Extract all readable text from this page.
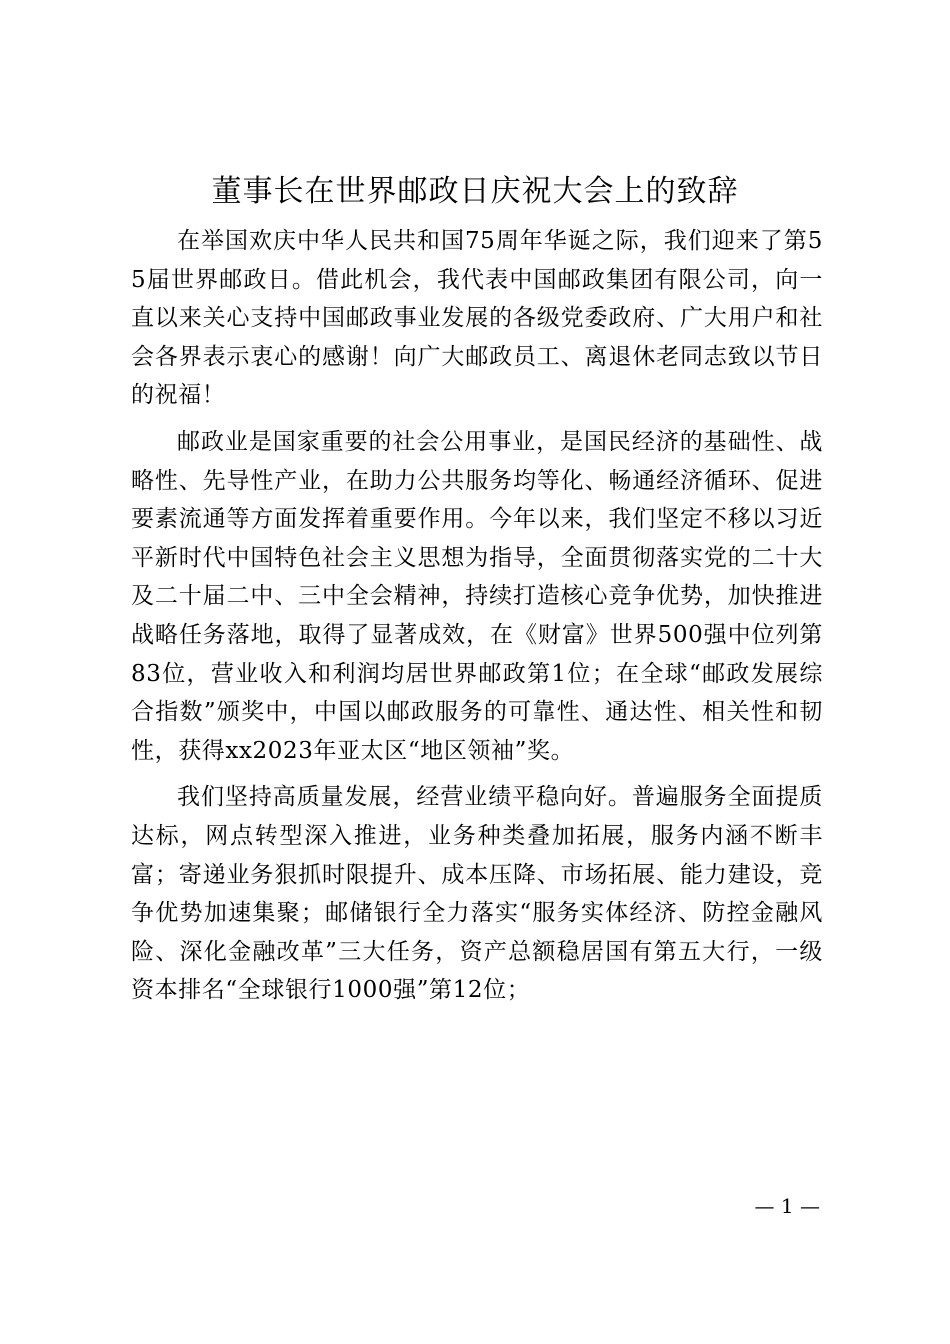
董事长在世界邮政日庆祝大会上的致辞

在举国欢庆中华人民共和国75周年华诞之际，我们迎来了第55届世界邮政日。借此机会，我代表中国邮政集团有限公司，向一直以来关心支持中国邮政事业发展的各级党委政府、广大用户和社会各界表示衷心的感谢！向广大邮政员工、离退休老同志致以节日的祝福！

邮政业是国家重要的社会公用事业，是国民经济的基础性、战略性、先导性产业，在助力公共服务均等化、畅通经济循环、促进要素流通等方面发挥着重要作用。今年以来，我们坚定不移以习近平新时代中国特色社会主义思想为指导，全面贯彻落实党的二十大及二十届二中、三中全会精神，持续打造核心竞争优势，加快推进战略任务落地，取得了显著成效，在《财富》世界500强中位列第83位，营业收入和利润均居世界邮政第1位；在全球“邮政发展综合指数”颁奖中，中国以邮政服务的可靠性、通达性、相关性和韧性，获得xx2023年亚太区“地区领袖”奖。

我们坚持高质量发展，经营业绩平稳向好。普遍服务全面提质达标，网点转型深入推进，业务种类叠加拓展，服务内涵不断丰富；寄递业务狠抓时限提升、成本压降、市场拓展、能力建设，竞争优势加速集聚；邮储银行全力落实“服务实体经济、防控金融风险、深化金融改革”三大任务，资产总额稳居国有第五大行，一级资本排名“全球银行1000强”第12位；

— 1 —
